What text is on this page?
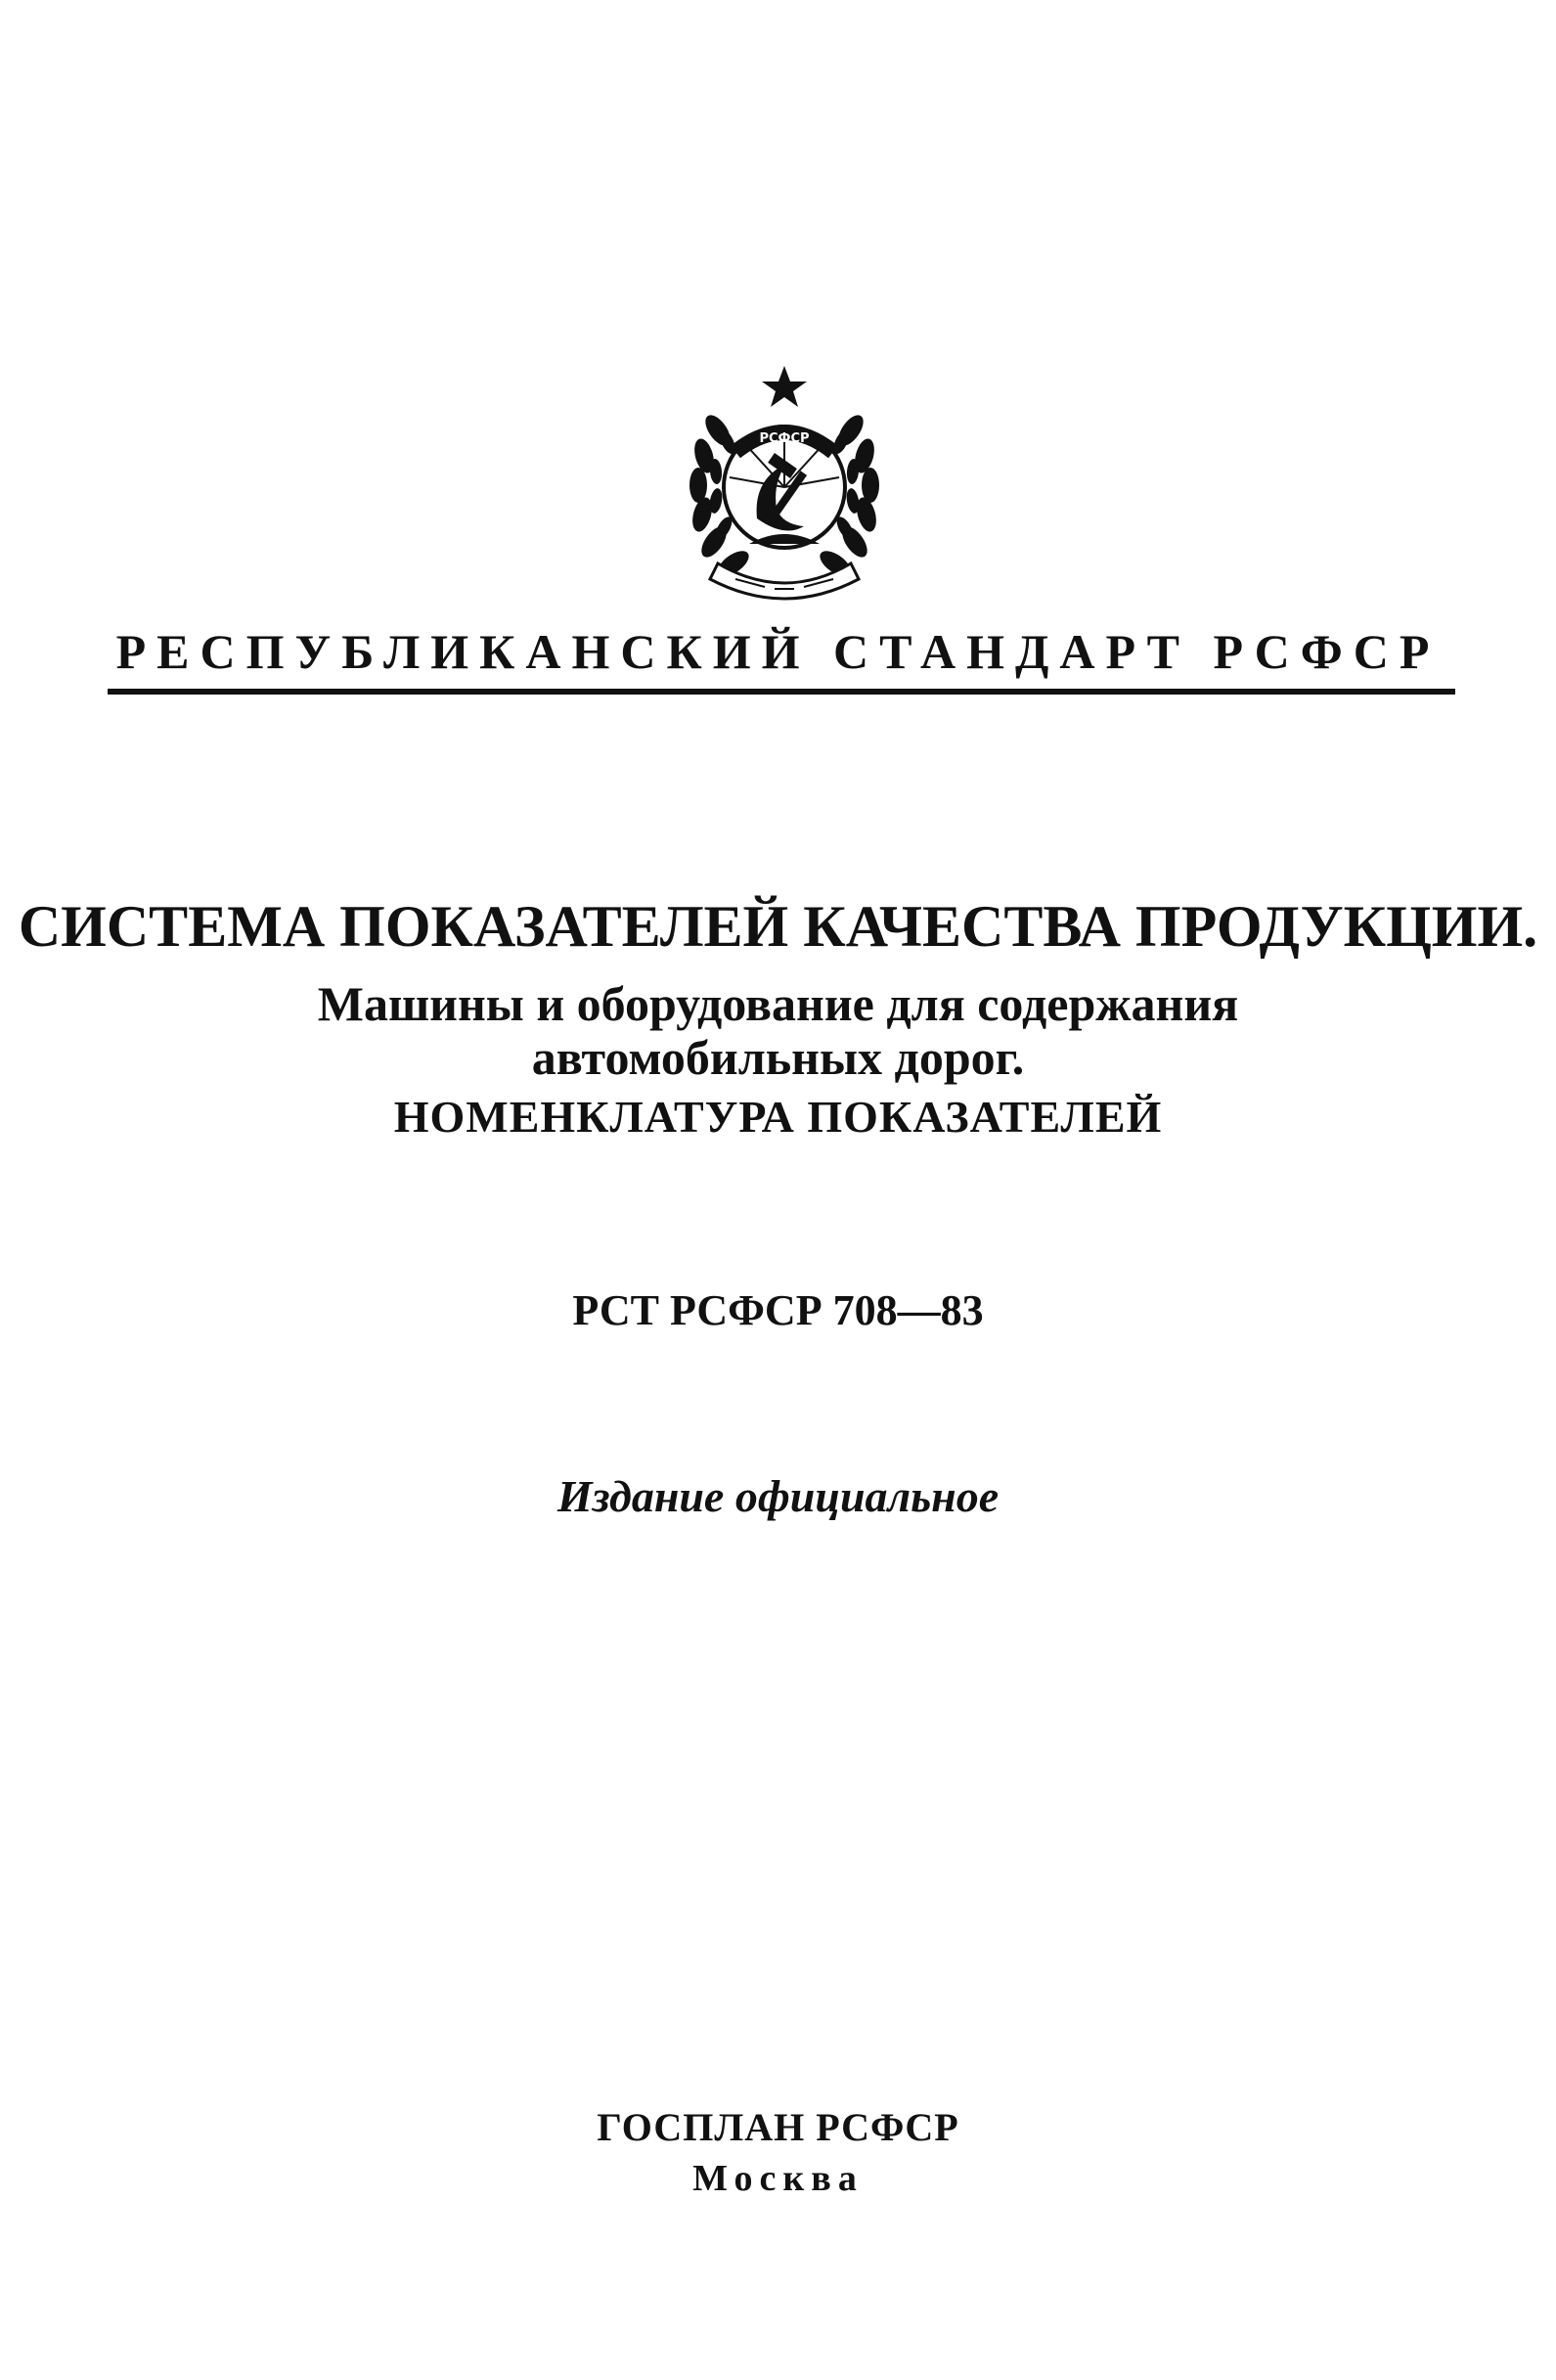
РСФСР
РЕСПУБЛИКАНСКИЙ СТАНДАРТ РСФСР
СИСТЕМА ПОКАЗАТЕЛЕЙ КАЧЕСТВА ПРОДУКЦИИ.
Машины и оборудование для содержания
автомобильных дорог.
НОМЕНКЛАТУРА ПОКАЗАТЕЛЕЙ
РСТ РСФСР 708—83
Издание официальное
ГОСПЛАН РСФСР
Москва
